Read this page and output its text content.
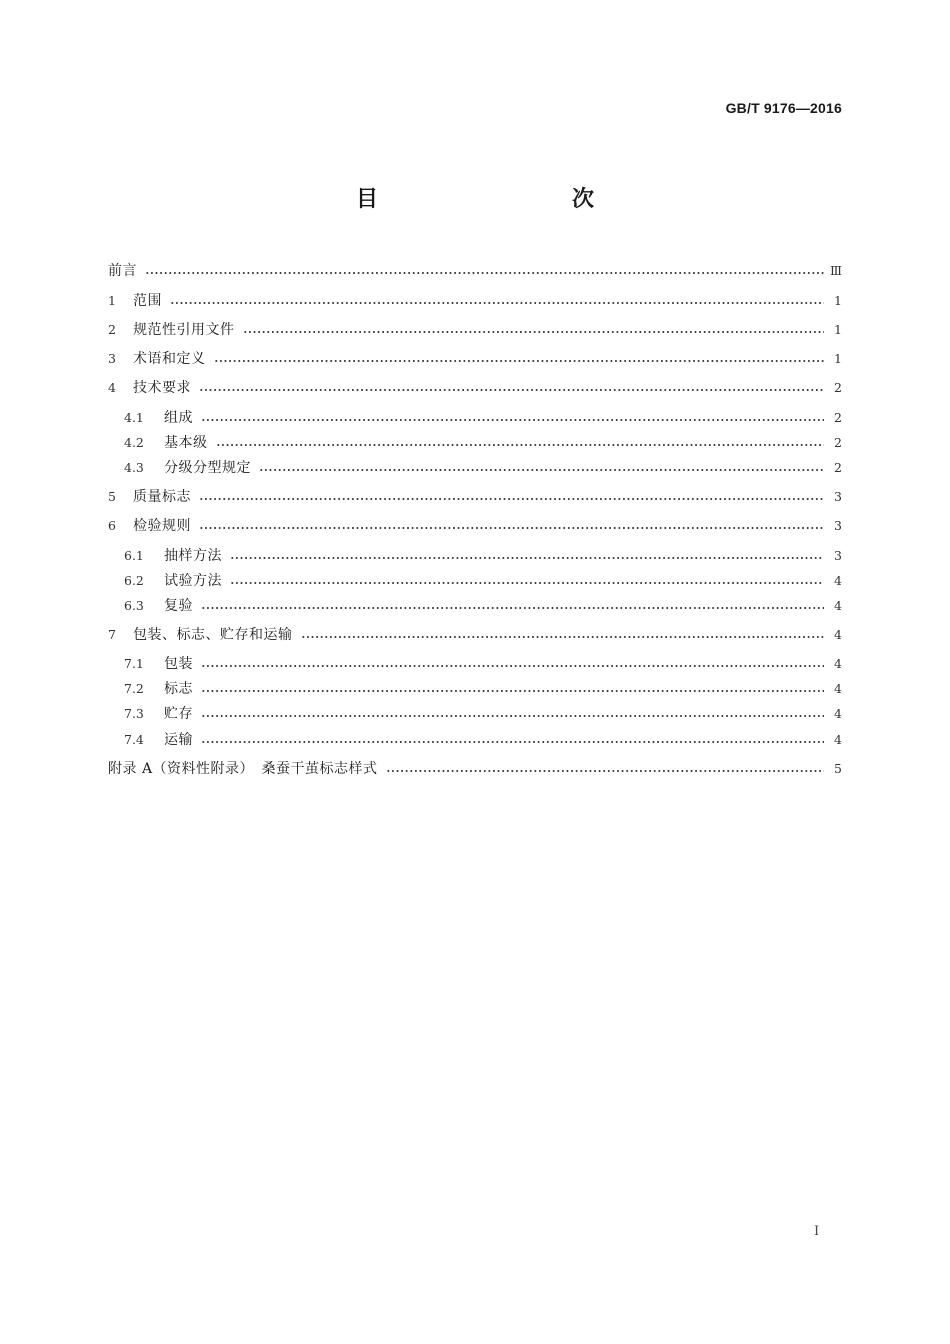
GB/T 9176—2016
目　　次
前言	Ⅲ
1	范围	1
2	规范性引用文件	1
3	术语和定义	1
4	技术要求	2
4.1	组成	2
4.2	基本级	2
4.3	分级分型规定	2
5	质量标志	3
6	检验规则	3
6.1	抽样方法	3
6.2	试验方法	4
6.3	复验	4
7	包装、标志、贮存和运输	4
7.1	包装	4
7.2	标志	4
7.3	贮存	4
7.4	运输	4
附录 A（资料性附录）　桑蚕干茧标志样式	5
I
